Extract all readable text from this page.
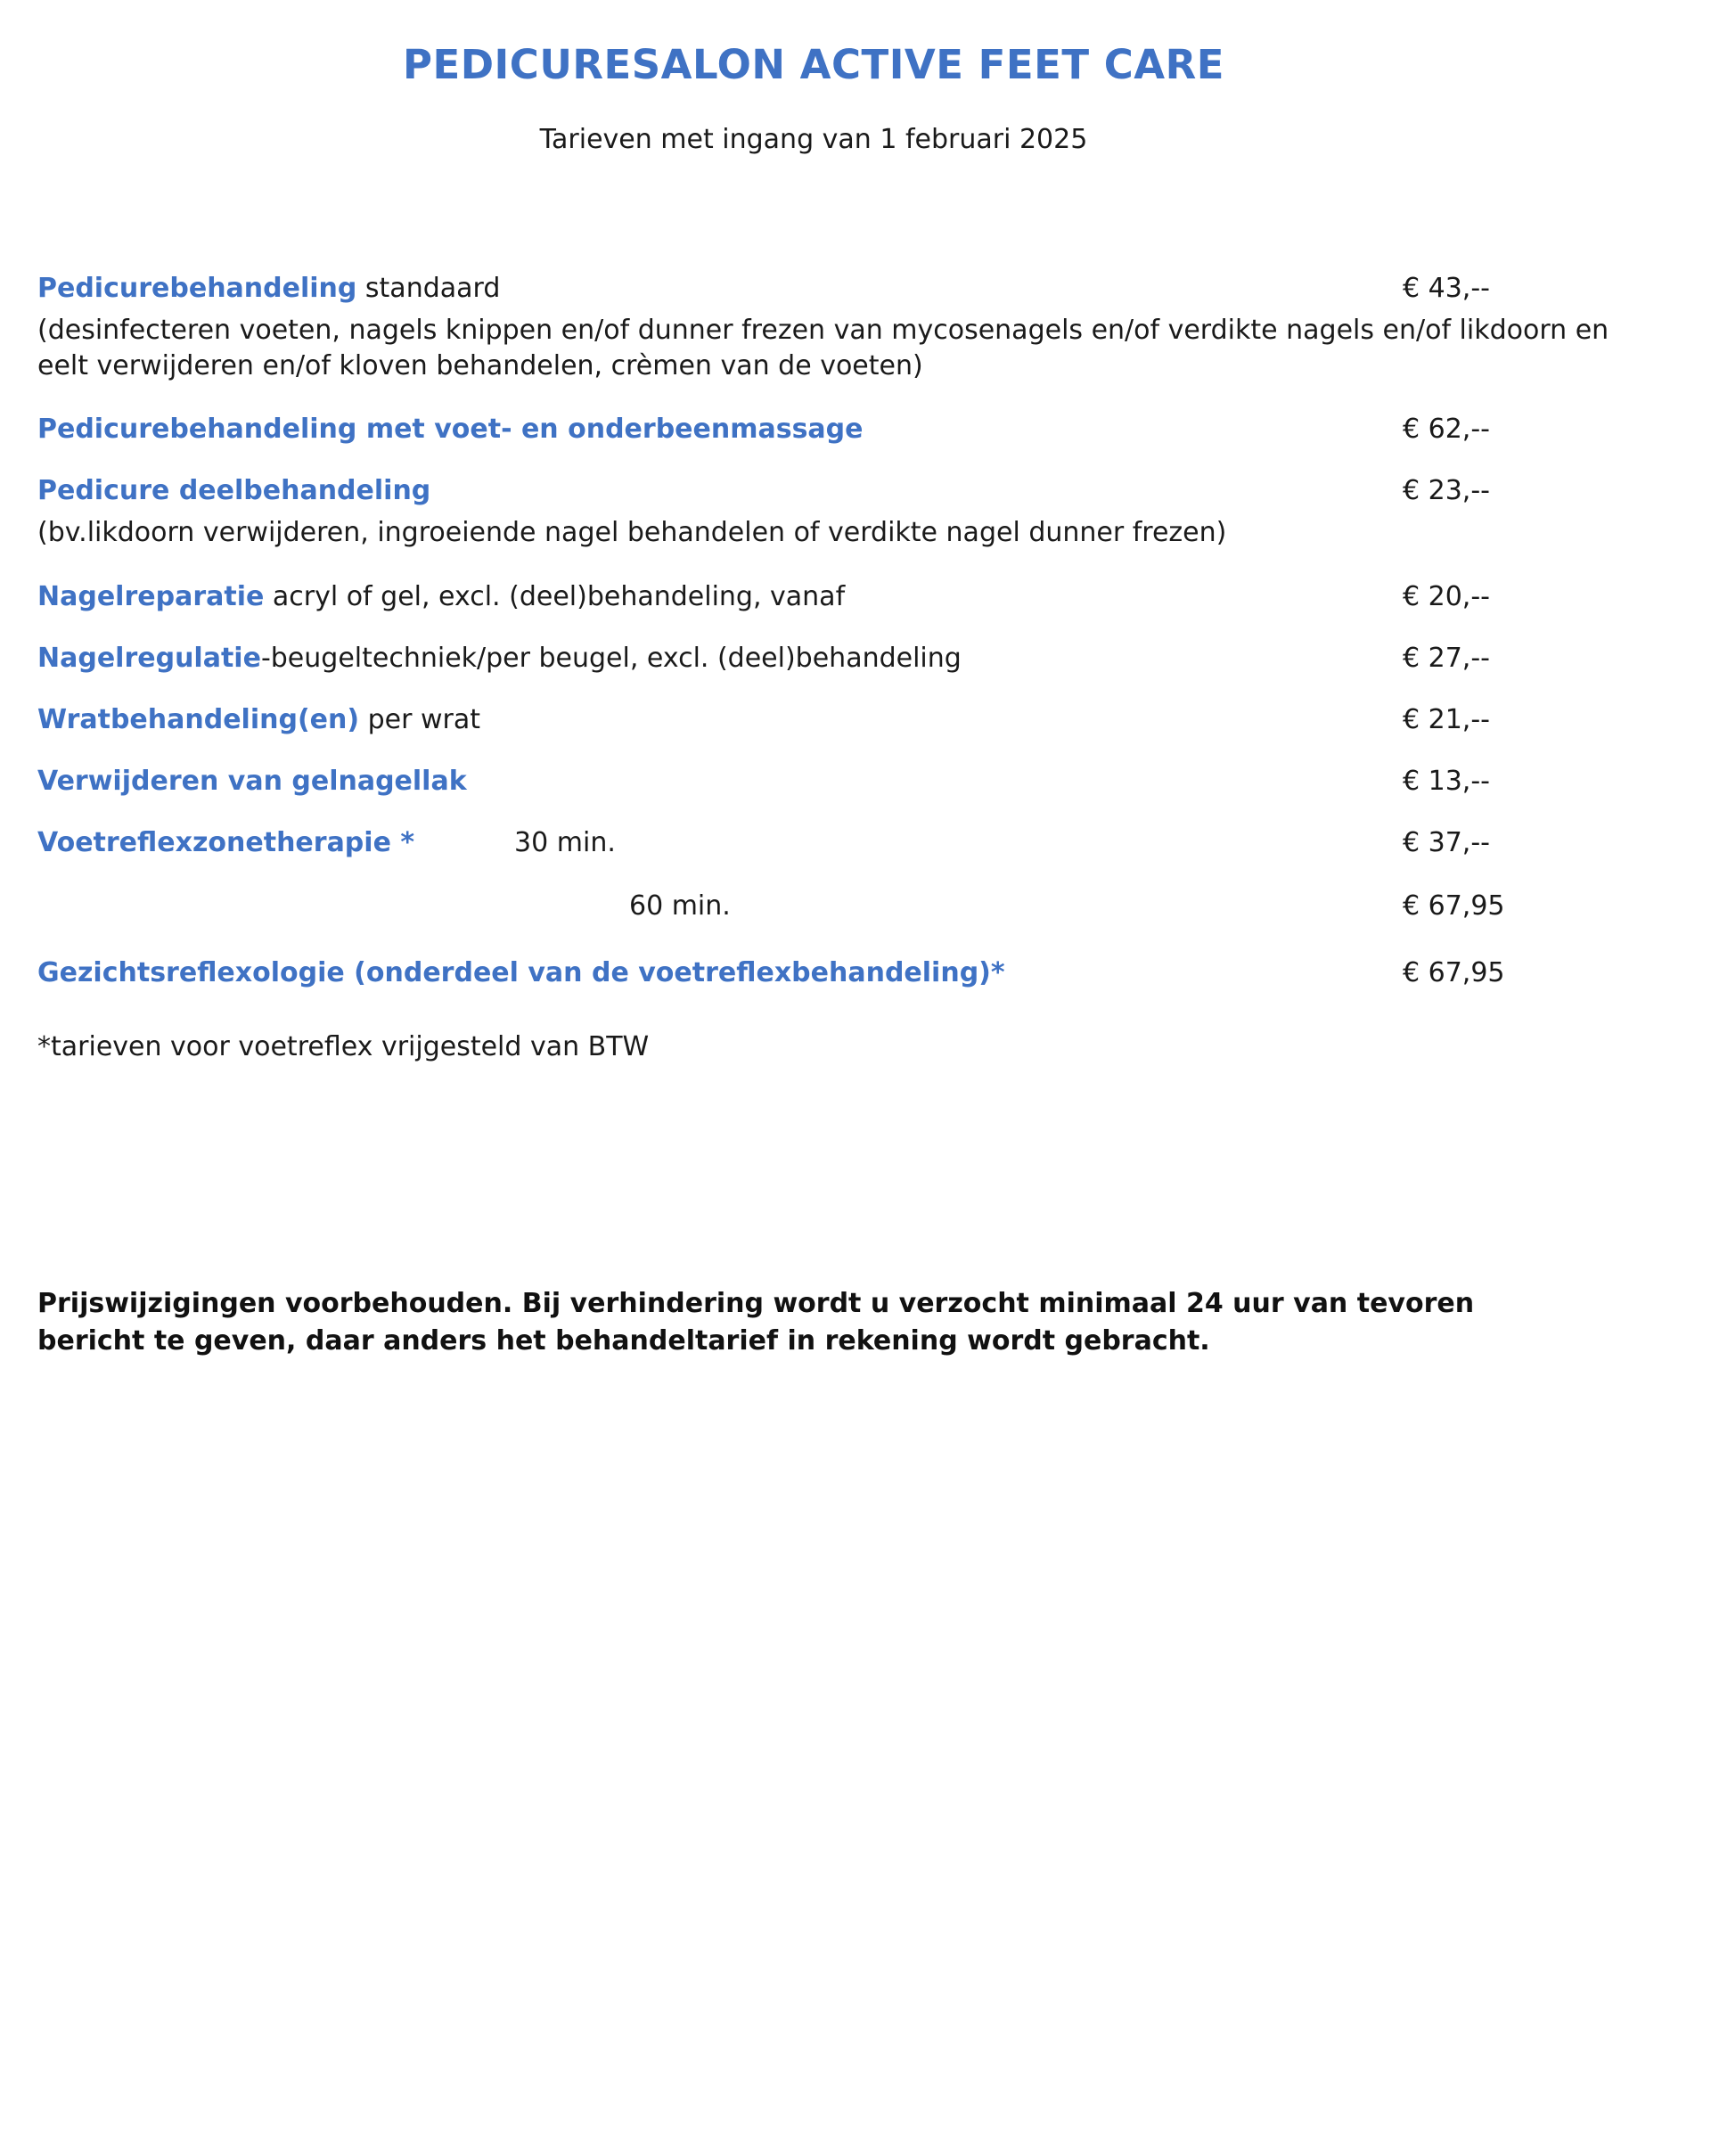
PEDICURESALON ACTIVE FEET CARE
Tarieven met ingang van 1 februari 2025
Pedicurebehandeling standaard	€ 43,--
(desinfecteren voeten, nagels knippen en/of dunner frezen van mycosenagels en/of verdikte nagels en/of likdoorn en eelt verwijderen en/of kloven behandelen, crèmen van de voeten)
Pedicurebehandeling met voet- en onderbeenmassage	€ 62,--
Pedicure deelbehandeling	€ 23,--
(bv.likdoorn verwijderen, ingroeiende nagel behandelen of verdikte nagel dunner frezen)
Nagelreparatie acryl of gel, excl. (deel)behandeling, vanaf	€ 20,--
Nagelregulatie-beugeltechniek/per beugel, excl. (deel)behandeling	€ 27,--
Wratbehandeling(en) per wrat	€ 21,--
Verwijderen van gelnagellak	€ 13,--
Voetreflexzonetherapie *	30 min.	€ 37,--
60 min.	€ 67,95
Gezichtsreflexologie (onderdeel van de voetreflexbehandeling)*	€ 67,95
*tarieven voor voetreflex vrijgesteld van BTW
Prijswijzigingen voorbehouden. Bij verhindering wordt u verzocht minimaal 24 uur van tevoren bericht te geven, daar anders het behandeltarief in rekening wordt gebracht.
